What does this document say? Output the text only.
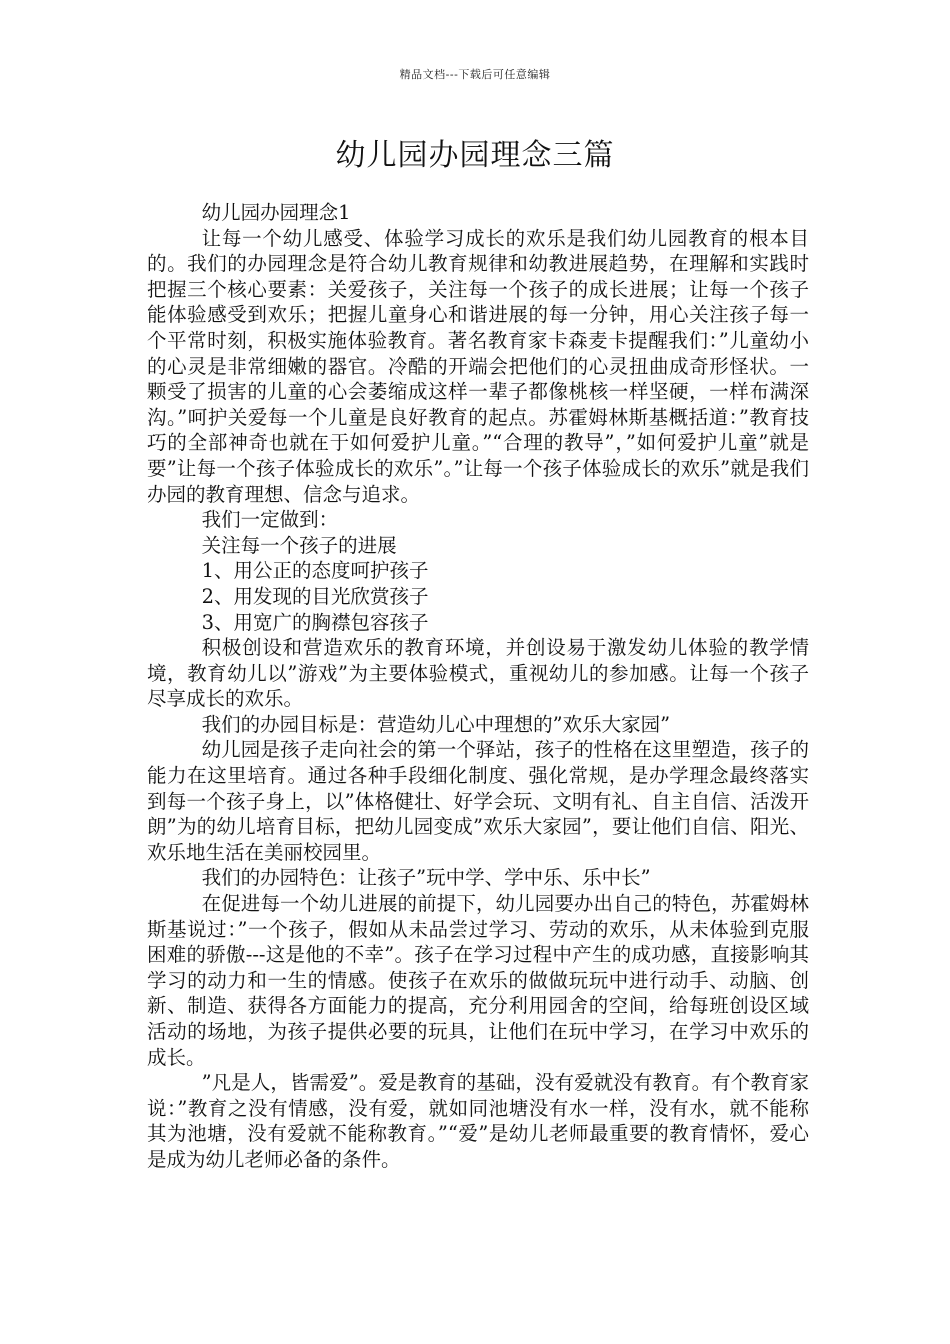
精品文档---下载后可任意编辑
幼儿园办园理念三篇

幼儿园办园理念1

让每一个幼儿感受、体验学习成长的欢乐是我们幼儿园教育的根本目的。我们的办园理念是符合幼儿教育规律和幼教进展趋势，在理解和实践时把握三个核心要素：关爱孩子，关注每一个孩子的成长进展；让每一个孩子能体验感受到欢乐；把握儿童身心和谐进展的每一分钟，用心关注孩子每一个平常时刻，积极实施体验教育。著名教育家卡森麦卡提醒我们：”儿童幼小的心灵是非常细嫩的器官。冷酷的开端会把他们的心灵扭曲成奇形怪状。一颗受了损害的儿童的心会萎缩成这样一辈子都像桃核一样坚硬，一样布满深沟。”呵护关爱每一个儿童是良好教育的起点。苏霍姆林斯基概括道：”教育技巧的全部神奇也就在于如何爱护儿童。”“合理的教导”，”如何爱护儿童”就是要”让每一个孩子体验成长的欢乐”。”让每一个孩子体验成长的欢乐”就是我们办园的教育理想、信念与追求。

我们一定做到：

关注每一个孩子的进展

1、用公正的态度呵护孩子

2、用发现的目光欣赏孩子

3、用宽广的胸襟包容孩子

积极创设和营造欢乐的教育环境，并创设易于激发幼儿体验的教学情境，教育幼儿以”游戏”为主要体验模式，重视幼儿的参加感。让每一个孩子尽享成长的欢乐。

我们的办园目标是：营造幼儿心中理想的”欢乐大家园”

幼儿园是孩子走向社会的第一个驿站，孩子的性格在这里塑造，孩子的能力在这里培育。通过各种手段细化制度、强化常规，是办学理念最终落实到每一个孩子身上，以”体格健壮、好学会玩、文明有礼、自主自信、活泼开朗”为的幼儿培育目标，把幼儿园变成”欢乐大家园”，要让他们自信、阳光、欢乐地生活在美丽校园里。

我们的办园特色：让孩子”玩中学、学中乐、乐中长”

在促进每一个幼儿进展的前提下，幼儿园要办出自己的特色，苏霍姆林斯基说过：”一个孩子，假如从未品尝过学习、劳动的欢乐，从未体验到克服困难的骄傲---这是他的不幸”。孩子在学习过程中产生的成功感，直接影响其学习的动力和一生的情感。使孩子在欢乐的做做玩玩中进行动手、动脑、创新、制造、获得各方面能力的提高，充分利用园舍的空间，给每班创设区域活动的场地，为孩子提供必要的玩具，让他们在玩中学习，在学习中欢乐的成长。

”凡是人，皆需爱”。爱是教育的基础，没有爱就没有教育。有个教育家说：”教育之没有情感，没有爱，就如同池塘没有水一样，没有水，就不能称其为池塘，没有爱就不能称教育。”“爱”是幼儿老师最重要的教育情怀，爱心是成为幼儿老师必备的条件。
